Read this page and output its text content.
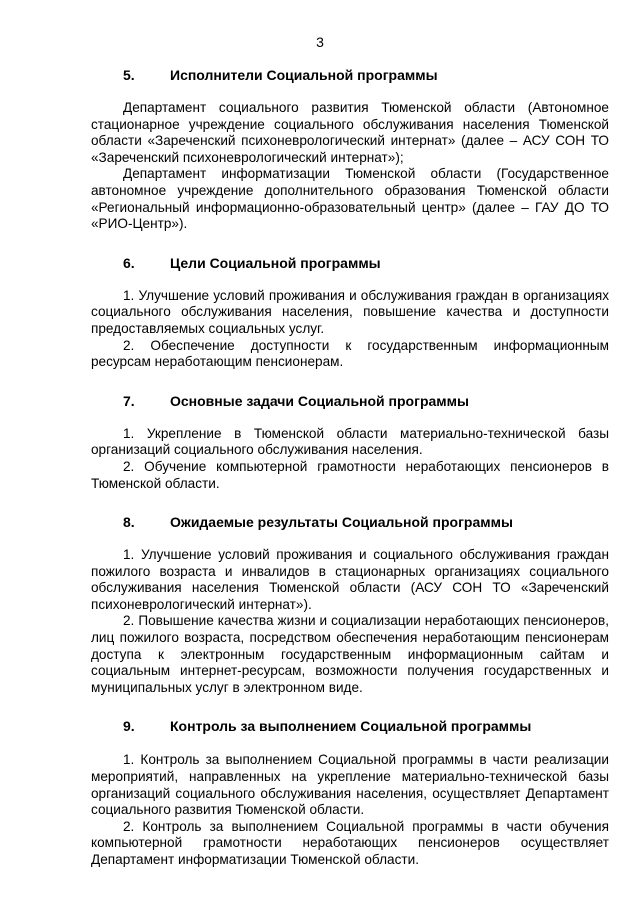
3
5.	Исполнители Социальной программы

Департамент социального развития Тюменской области (Автономное стационарное учреждение социального обслуживания населения Тюменской области «Зареченский психоневрологический интернат» (далее – АСУ СОН ТО «Зареченский психоневрологический интернат»);

Департамент информатизации Тюменской области (Государственное автономное учреждение дополнительного образования Тюменской области «Региональный информационно-образовательный центр» (далее – ГАУ ДО ТО «РИО-Центр»).

6.	Цели Социальной программы

1. Улучшение условий проживания и обслуживания граждан в организациях социального обслуживания населения, повышение качества и доступности предоставляемых социальных услуг.

2. Обеспечение доступности к государственным информационным ресурсам неработающим пенсионерам.

7.	Основные задачи Социальной программы

1. Укрепление в Тюменской области материально-технической базы организаций социального обслуживания населения.

2. Обучение компьютерной грамотности неработающих пенсионеров в Тюменской области.

8.	Ожидаемые результаты Социальной программы

1. Улучшение условий проживания и социального обслуживания граждан пожилого возраста и инвалидов в стационарных организациях социального обслуживания населения Тюменской области (АСУ СОН ТО «Зареченский психоневрологический интернат»).

2. Повышение качества жизни и социализации неработающих пенсионеров, лиц пожилого возраста, посредством обеспечения неработающим пенсионерам доступа к электронным государственным информационным сайтам и социальным интернет-ресурсам, возможности получения государственных и муниципальных услуг в электронном виде.

9.	Контроль за выполнением Социальной программы

1. Контроль за выполнением Социальной программы в части реализации мероприятий, направленных на укрепление материально-технической базы организаций социального обслуживания населения, осуществляет Департамент социального развития Тюменской области.

2. Контроль за выполнением Социальной программы в части обучения компьютерной грамотности неработающих пенсионеров осуществляет Департамент информатизации Тюменской области.
